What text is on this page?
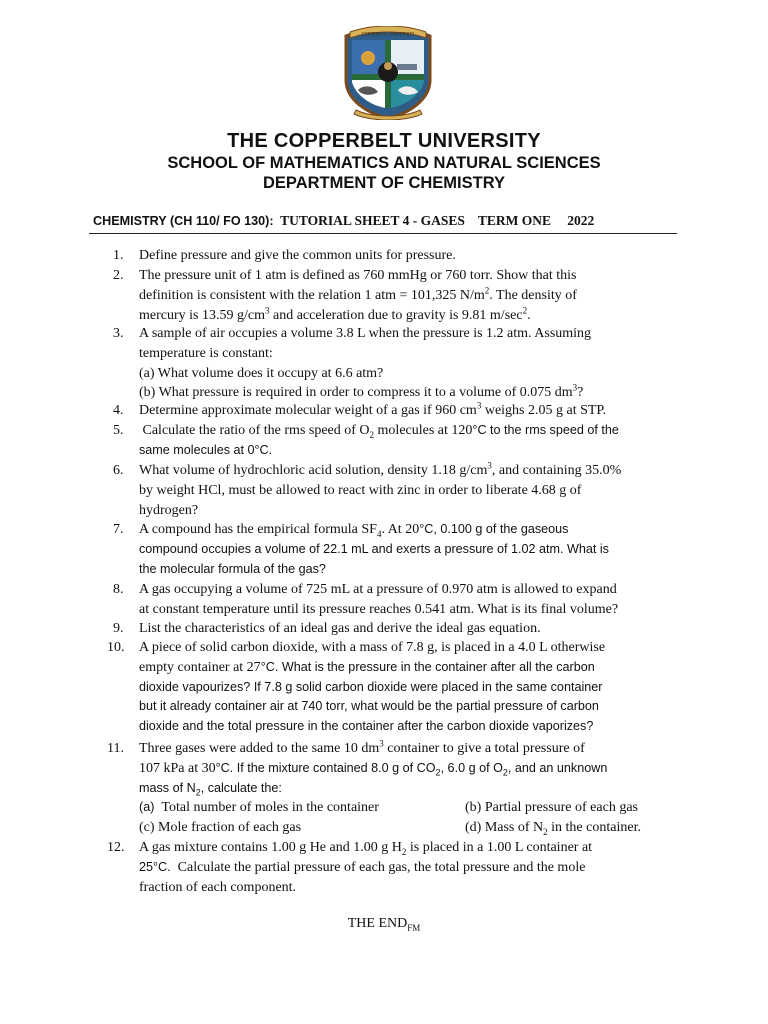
COPPERBELT UNIVERSITY
THE COPPERBELT UNIVERSITY
SCHOOL OF MATHEMATICS AND NATURAL SCIENCES
DEPARTMENT OF CHEMISTRY
CHEMISTRY (CH 110/ FO 130): TUTORIAL SHEET 4 - GASES TERM ONE 2022
1.	Define pressure and give the common units for pressure.
2.	The pressure unit of 1 atm is defined as 760 mmHg or 760 torr. Show that this
definition is consistent with the relation 1 atm = 101,325 $N/m^2$. The density of
mercury is 13.59 $g/cm^3$ and acceleration due to gravity is 9.81 $m/\sec^2$.
3.	A sample of air occupies a volume 3.8 L when the pressure is 1.2 atm. Assuming
temperature is constant:
(a) What volume does it occupy at 6.6 atm?
(b) What pressure is required in order to compress it to a volume of 0.075 $dm^3$?
4.	Determine approximate molecular weight of a gas if 960 $cm^3$ weighs 2.05 g at STP.
5.	Calculate the ratio of the rms speed of $O_2$ molecules at 120°C to the rms speed of the
same molecules at 0°C.
6.	What volume of hydrochloric acid solution, density 1.18 $g/cm^3$, and containing 35.0%
by weight HCl, must be allowed to react with zinc in order to liberate 4.68 g of
hydrogen?
7.	A compound has the empirical formula $SF_4$. At 20°C, 0.100 g of the gaseous
compound occupies a volume of 22.1 mL and exerts a pressure of 1.02 atm. What is
the molecular formula of the gas?
8.	A gas occupying a volume of 725 mL at a pressure of 0.970 atm is allowed to expand
at constant temperature until its pressure reaches 0.541 atm. What is its final volume?
9.	List the characteristics of an ideal gas and derive the ideal gas equation.
10.	A piece of solid carbon dioxide, with a mass of 7.8 g, is placed in a 4.0 L otherwise
empty container at 27°C. What is the pressure in the container after all the carbon
dioxide vapourizes? If 7.8 g solid carbon dioxide were placed in the same container
but it already container air at 740 torr, what would be the partial pressure of carbon
dioxide and the total pressure in the container after the carbon dioxide vaporizes?
11.	Three gases were added to the same 10 $dm^3$ container to give a total pressure of
107 kPa at 30°C. If the mixture contained 8.0 g of $CO_2$, 6.0 g of $O_2$, and an unknown
mass of $N_2$, calculate the:
(a) Total number of moles in the container	(b) Partial pressure of each gas
(c) Mole fraction of each gas	(d) Mass of $N_2$ in the container.
12.	A gas mixture contains 1.00 g He and 1.00 g $H_2$ is placed in a 1.00 L container at
25°C.  Calculate the partial pressure of each gas, the total pressure and the mole
fraction of each component.
THE $END_{FM}$
